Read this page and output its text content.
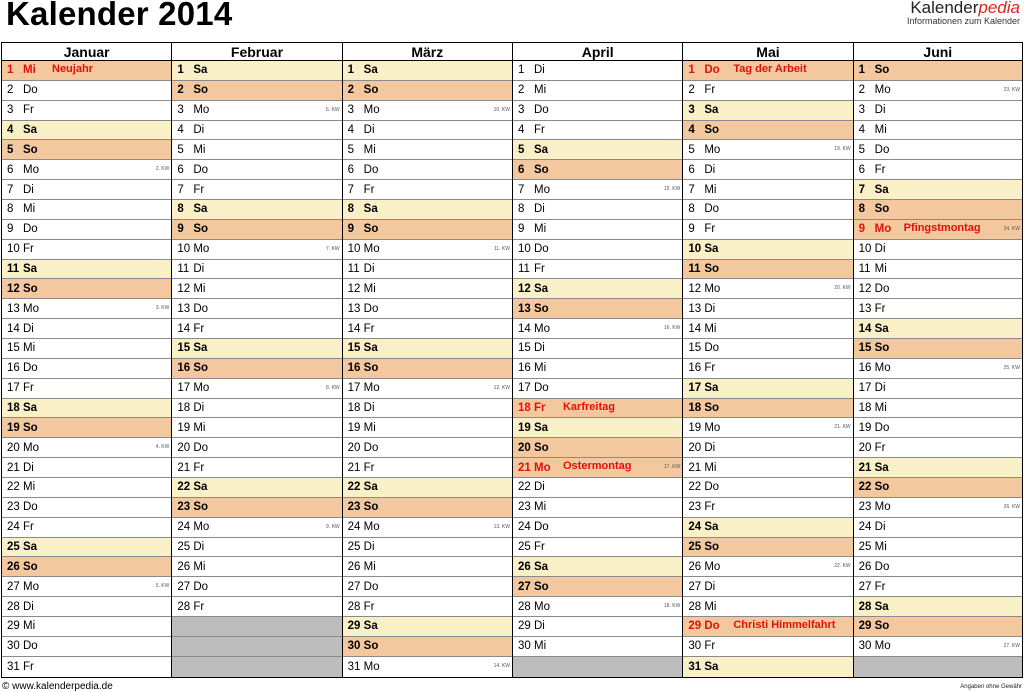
Kalender 2014	Kalenderpedia
Informationen zum Kalender
Januar
1 Mi	Neujahr
2 Do
3 Fr
4 Sa
5 So
6 Mo	2. KW
7 Di
8 Mi
9 Do
10 Fr
11 Sa
12 So
13 Mo	3. KW
14 Di
15 Mi
16 Do
17 Fr
18 Sa
19 So
20 Mo	4. KW
21 Di
22 Mi
23 Do
24 Fr
25 Sa
26 So
27 Mo	5. KW
28 Di
29 Mi
30 Do
31 Fr
Februar
1 Sa
2 So
3 Mo	6. KW
4 Di
5 Mi
6 Do
7 Fr
8 Sa
9 So
10 Mo	7. KW
11 Di
12 Mi
13 Do
14 Fr
15 Sa
16 So
17 Mo	8. KW
18 Di
19 Mi
20 Do
21 Fr
22 Sa
23 So
24 Mo	9. KW
25 Di
26 Mi
27 Do
28 Fr
März
1 Sa
2 So
3 Mo	10. KW
4 Di
5 Mi
6 Do
7 Fr
8 Sa
9 So
10 Mo	11. KW
11 Di
12 Mi
13 Do
14 Fr
15 Sa
16 So
17 Mo	12. KW
18 Di
19 Mi
20 Do
21 Fr
22 Sa
23 So
24 Mo	13. KW
25 Di
26 Mi
27 Do
28 Fr
29 Sa
30 So
31 Mo	14. KW
April
1 Di
2 Mi
3 Do
4 Fr
5 Sa
6 So
7 Mo	15. KW
8 Di
9 Mi
10 Do
11 Fr
12 Sa
13 So
14 Mo	16. KW
15 Di
16 Mi
17 Do
18 Fr	Karfreitag
19 Sa
20 So
21 Mo	Ostermontag	17. KW
22 Di
23 Mi
24 Do
25 Fr
26 Sa
27 So
28 Mo	18. KW
29 Di
30 Mi
Mai
1 Do	Tag der Arbeit
2 Fr
3 Sa
4 So
5 Mo	19. KW
6 Di
7 Mi
8 Do
9 Fr
10 Sa
11 So
12 Mo	20. KW
13 Di
14 Mi
15 Do
16 Fr
17 Sa
18 So
19 Mo	21. KW
20 Di
21 Mi
22 Do
23 Fr
24 Sa
25 So
26 Mo	22. KW
27 Di
28 Mi
29 Do	Christi Himmelfahrt
30 Fr
31 Sa
Juni
1 So
2 Mo	23. KW
3 Di
4 Mi
5 Do
6 Fr
7 Sa
8 So
9 Mo	Pfingstmontag	24. KW
10 Di
11 Mi
12 Do
13 Fr
14 Sa
15 So
16 Mo	25. KW
17 Di
18 Mi
19 Do
20 Fr
21 Sa
22 So
23 Mo	26. KW
24 Di
25 Mi
26 Do
27 Fr
28 Sa
29 So
30 Mo	27. KW
© www.kalenderpedia.de	Angaben ohne Gewähr
